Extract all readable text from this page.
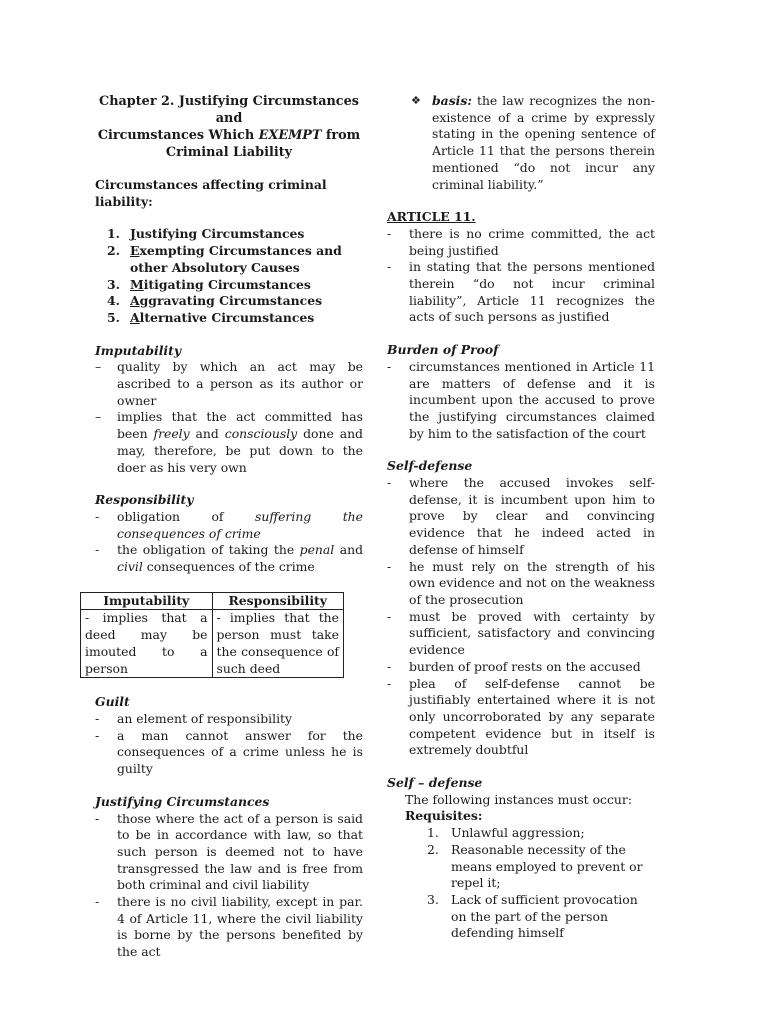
Chapter 2. Justifying Circumstances and
Circumstances Which EXEMPT from
Criminal Liability
Circumstances affecting criminal liability:
1. Justifying Circumstances
2. Exempting Circumstances and other Absolutory Causes
3. Mitigating Circumstances
4. Aggravating Circumstances
5. Alternative Circumstances
Imputability
– quality by which an act may be ascribed to a person as its author or owner
– implies that the act committed has been freely and consciously done and may, therefore, be put down to the doer as his very own
Responsibility
- obligation of suffering the consequences of crime
- the obligation of taking the penal and civil consequences of the crime
Imputability	Responsibility
- implies that a deed may be imouted to a person	- implies that the person must take the consequence of such deed
Guilt
- an element of responsibility
- a man cannot answer for the consequences of a crime unless he is guilty
Justifying Circumstances
- those where the act of a person is said to be in accordance with law, so that such person is deemed not to have transgressed the law and is free from both criminal and civil liability
- there is no civil liability, except in par. 4 of Article 11, where the civil liability is borne by the persons benefited by the act
❖ basis: the law recognizes the non-existence of a crime by expressly stating in the opening sentence of Article 11 that the persons therein mentioned “do not incur any criminal liability.”
ARTICLE 11.
- there is no crime committed, the act being justified
- in stating that the persons mentioned therein “do not incur criminal liability”, Article 11 recognizes the acts of such persons as justified
Burden of Proof
- circumstances mentioned in Article 11 are matters of defense and it is incumbent upon the accused to prove the justifying circumstances claimed by him to the satisfaction of the court
Self-defense
- where the accused invokes self-defense, it is incumbent upon him to prove by clear and convincing evidence that he indeed acted in defense of himself
- he must rely on the strength of his own evidence and not on the weakness of the prosecution
- must be proved with certainty by sufficient, satisfactory and convincing evidence
- burden of proof rests on the accused
- plea of self-defense cannot be justifiably entertained where it is not only uncorroborated by any separate competent evidence but in itself is extremely doubtful
Self – defense
The following instances must occur:
Requisites:
1. Unlawful aggression;
2. Reasonable necessity of the means employed to prevent or repel it;
3. Lack of sufficient provocation on the part of the person defending himself
